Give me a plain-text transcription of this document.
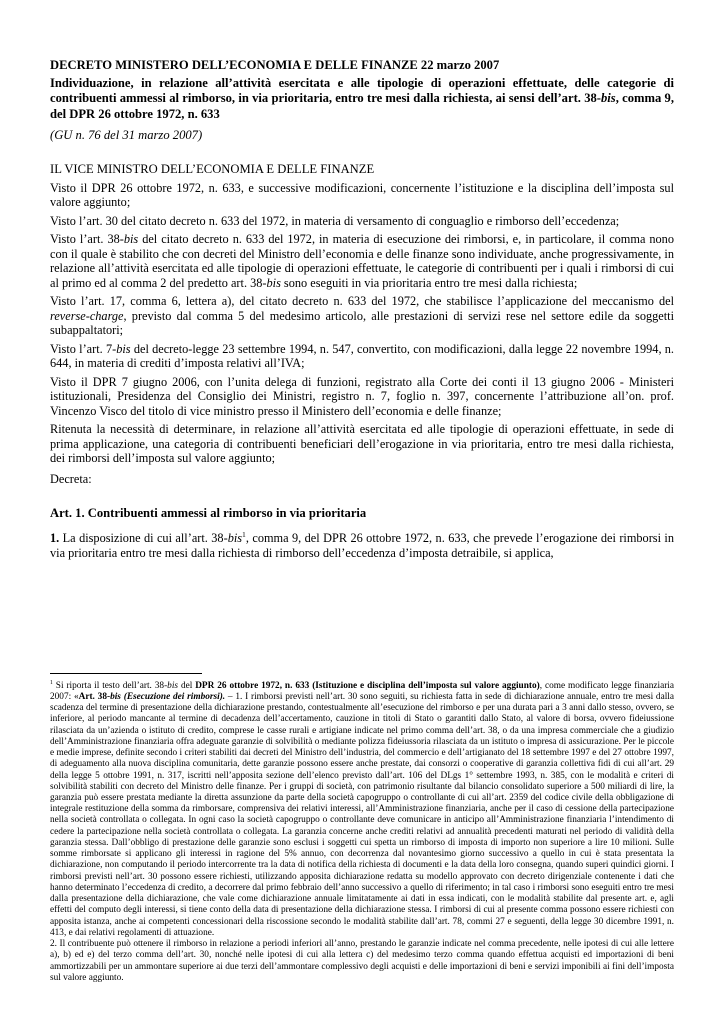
DECRETO MINISTERO DELL’ECONOMIA E DELLE FINANZE 22 marzo 2007
Individuazione, in relazione all’attività esercitata e alle tipologie di operazioni effettuate, delle categorie di contribuenti ammessi al rimborso, in via prioritaria, entro tre mesi dalla richiesta, ai sensi dell’art. 38-bis, comma 9, del DPR 26 ottobre 1972, n. 633

(GU n. 76 del 31 marzo 2007)

IL VICE MINISTRO DELL’ECONOMIA E DELLE FINANZE

Visto il DPR 26 ottobre 1972, n. 633, e successive modificazioni, concernente l’istituzione e la disciplina dell’imposta sul valore aggiunto;

Visto l’art. 30 del citato decreto n. 633 del 1972, in materia di versamento di conguaglio e rimborso dell’eccedenza;

Visto l’art. 38-bis del citato decreto n. 633 del 1972, in materia di esecuzione dei rimborsi, e, in particolare, il comma nono con il quale è stabilito che con decreti del Ministro dell’economia e delle finanze sono individuate, anche progressivamente, in relazione all’attività esercitata ed alle tipologie di operazioni effettuate, le categorie di contribuenti per i quali i rimborsi di cui al primo ed al comma 2 del predetto art. 38-bis sono eseguiti in via prioritaria entro tre mesi dalla richiesta;

Visto l’art. 17, comma 6, lettera a), del citato decreto n. 633 del 1972, che stabilisce l’applicazione del meccanismo del reverse-charge, previsto dal comma 5 del medesimo articolo, alle prestazioni di servizi rese nel settore edile da soggetti subappaltatori;

Visto l’art. 7-bis del decreto-legge 23 settembre 1994, n. 547, convertito, con modificazioni, dalla legge 22 novembre 1994, n. 644, in materia di crediti d’imposta relativi all’IVA;

Visto il DPR 7 giugno 2006, con l’unita delega di funzioni, registrato alla Corte dei conti il 13 giugno 2006 - Ministeri istituzionali, Presidenza del Consiglio dei Ministri, registro n. 7, foglio n. 397, concernente l’attribuzione all’on. prof. Vincenzo Visco del titolo di vice ministro presso il Ministero dell’economia e delle finanze;

Ritenuta la necessità di determinare, in relazione all’attività esercitata ed alle tipologie di operazioni effettuate, in sede di prima applicazione, una categoria di contribuenti beneficiari dell’erogazione in via prioritaria, entro tre mesi dalla richiesta, dei rimborsi dell’imposta sul valore aggiunto;

Decreta:

Art. 1. Contribuenti ammessi al rimborso in via prioritaria

1. La disposizione di cui all’art. 38-bis$^1$, comma 9, del DPR 26 ottobre 1972, n. 633, che prevede l’erogazione dei rimborsi in via prioritaria entro tre mesi dalla richiesta di rimborso dell’eccedenza d’imposta detraibile, si applica,

$^1$ Si riporta il testo dell’art. 38-bis del DPR 26 ottobre 1972, n. 633 (Istituzione e disciplina dell’imposta sul valore aggiunto), come modificato legge finanziaria 2007: «Art. 38-bis (Esecuzione dei rimborsi). – 1. I rimborsi previsti nell’art. 30 sono seguiti, su richiesta fatta in sede di dichiarazione annuale, entro tre mesi dalla scadenza del termine di presentazione della dichiarazione prestando, contestualmente all’esecuzione del rimborso e per una durata pari a 3 anni dallo stesso, ovvero, se inferiore, al periodo mancante al termine di decadenza dell’accertamento, cauzione in titoli di Stato o garantiti dallo Stato, al valore di borsa, ovvero fideiussione rilasciata da un’azienda o istituto di credito, comprese le casse rurali e artigiane indicate nel primo comma dell’art. 38, o da una impresa commerciale che a giudizio dell’Amministrazione finanziaria offra adeguate garanzie di solvibilità o mediante polizza fideiussoria rilasciata da un istituto o impresa di assicurazione. Per le piccole e medie imprese, definite secondo i criteri stabiliti dai decreti del Ministro dell’industria, del commercio e dell’artigianato del 18 settembre 1997 e del 27 ottobre 1997, di adeguamento alla nuova disciplina comunitaria, dette garanzie possono essere anche prestate, dai consorzi o cooperative di garanzia collettiva fidi di cui all’art. 29 della legge 5 ottobre 1991, n. 317, iscritti nell’apposita sezione dell’elenco previsto dall’art. 106 del DLgs 1° settembre 1993, n. 385, con le modalità e criteri di solvibilità stabiliti con decreto del Ministro delle finanze. Per i gruppi di società, con patrimonio risultante dal bilancio consolidato superiore a 500 miliardi di lire, la garanzia può essere prestata mediante la diretta assunzione da parte della società capogruppo o controllante di cui all’art. 2359 del codice civile della obbligazione di integrale restituzione della somma da rimborsare, comprensiva dei relativi interessi, all’Amministrazione finanziaria, anche per il caso di cessione della partecipazione nella società controllata o collegata. In ogni caso la società capogruppo o controllante deve comunicare in anticipo all’Amministrazione finanziaria l’intendimento di cedere la partecipazione nella società controllata o collegata. La garanzia concerne anche crediti relativi ad annualità precedenti maturati nel periodo di validità della garanzia stessa. Dall’obbligo di prestazione delle garanzie sono esclusi i soggetti cui spetta un rimborso di imposta di importo non superiore a lire 10 milioni. Sulle somme rimborsate si applicano gli interessi in ragione del 5% annuo, con decorrenza dal novantesimo giorno successivo a quello in cui è stata presentata la dichiarazione, non computando il periodo intercorrente tra la data di notifica della richiesta di documenti e la data della loro consegna, quando superi quindici giorni. I rimborsi previsti nell’art. 30 possono essere richiesti, utilizzando apposita dichiarazione redatta su modello approvato con decreto dirigenziale contenente i dati che hanno determinato l’eccedenza di credito, a decorrere dal primo febbraio dell’anno successivo a quello di riferimento; in tal caso i rimborsi sono eseguiti entro tre mesi dalla presentazione della dichiarazione, che vale come dichiarazione annuale limitatamente ai dati in essa indicati, con le modalità stabilite dal presente art. e, agli effetti del computo degli interessi, si tiene conto della data di presentazione della dichiarazione stessa. I rimborsi di cui al presente comma possono essere richiesti con apposita istanza, anche ai competenti concessionari della riscossione secondo le modalità stabilite dall’art. 78, commi 27 e seguenti, della legge 30 dicembre 1991, n. 413, e dai relativi regolamenti di attuazione.

2. Il contribuente può ottenere il rimborso in relazione a periodi inferiori all’anno, prestando le garanzie indicate nel comma precedente, nelle ipotesi di cui alle lettere a), b) ed e) del terzo comma dell’art. 30, nonché nelle ipotesi di cui alla lettera c) del medesimo terzo comma quando effettua acquisti ed importazioni di beni ammortizzabili per un ammontare superiore ai due terzi dell’ammontare complessivo degli acquisti e delle importazioni di beni e servizi imponibili ai fini dell’imposta sul valore aggiunto.
